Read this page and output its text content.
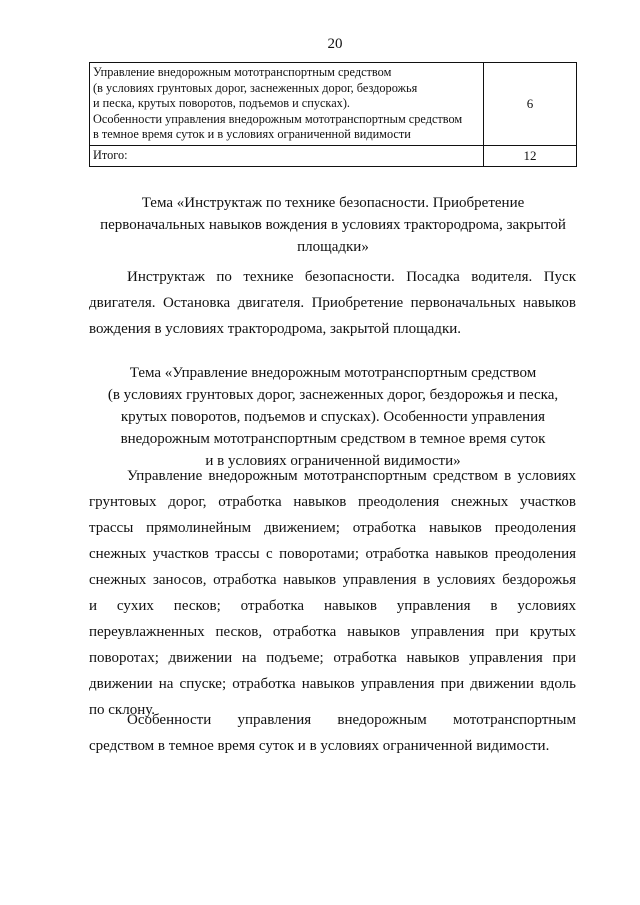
20
Управление внедорожным мототранспортным средством
(в условиях грунтовых дорог, заснеженных дорог, бездорожья
и песка, крутых поворотов, подъемов и спусках).
Особенности управления внедорожным мототранспортным средством
в темное время суток и в условиях ограниченной видимости	6

Итого:	12
Тема «Инструктаж по технике безопасности. Приобретение
первоначальных навыков вождения в условиях трактородрома, закрытой
площадки»
Инструктаж по технике безопасности. Посадка водителя. Пуск
двигателя. Остановка двигателя. Приобретение первоначальных навыков
вождения в условиях трактородрома, закрытой площадки.
Тема «Управление внедорожным мототранспортным средством
(в условиях грунтовых дорог, заснеженных дорог, бездорожья и песка,
крутых поворотов, подъемов и спусках). Особенности управления
внедорожным мототранспортным средством в темное время суток
и в условиях ограниченной видимости»
Управление внедорожным мототранспортным средством в условиях
грунтовых дорог, отработка навыков преодоления снежных участков
трассы прямолинейным движением; отработка навыков преодоления
снежных участков трассы с поворотами; отработка навыков преодоления
снежных заносов, отработка навыков управления в условиях бездорожья
и сухих песков; отработка навыков управления в условиях
переувлажненных песков, отработка навыков управления при крутых
поворотах; движении на подъеме; отработка навыков управления при
движении на спуске; отработка навыков управления при движении вдоль
по склону.
Особенности управления внедорожным мототранспортным
средством в темное время суток и в условиях ограниченной видимости.
